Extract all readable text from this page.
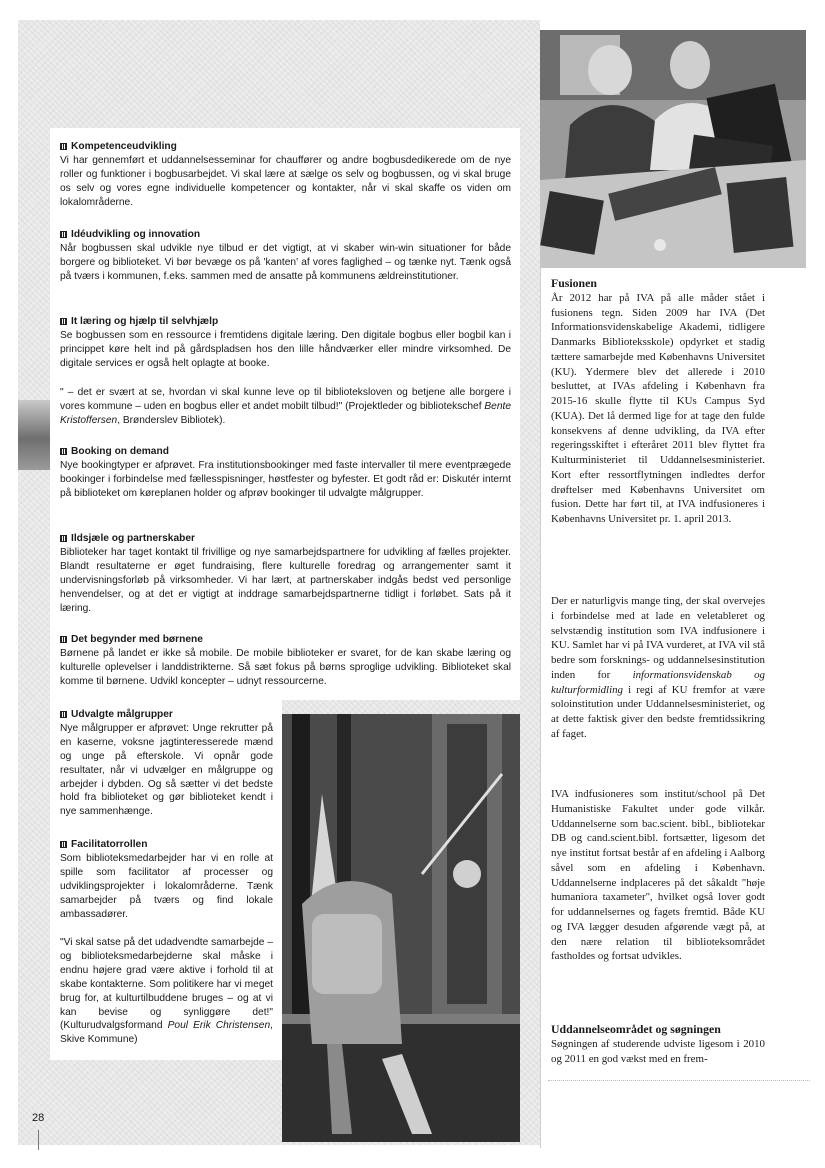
Kompetenceudvikling

Vi har gennemført et uddannelsesseminar for chauffører og andre bogbusdedikerede om de nye roller og funktioner i bogbusarbejdet. Vi skal lære at sælge os selv og bogbussen, og vi skal bruge os selv og vores egne individuelle kompetencer og kontakter, når vi skal skaffe os viden om lokalområderne.

Idéudvikling og innovation

Når bogbussen skal udvikle nye tilbud er det vigtigt, at vi skaber win-win situationer for både borgere og biblioteket. Vi bør bevæge os på 'kanten' af vores faglighed – og tænke nyt. Tænk også på tværs i kommunen, f.eks. sammen med de ansatte på kommunens ældreinstitutioner.

It læring og hjælp til selvhjælp

Se bogbussen som en ressource i fremtidens digitale læring. Den digitale bogbus eller bogbil kan i princippet køre helt ind på gårdspladsen hos den lille håndværker eller mindre virksomhed. De digitale services er også helt oplagte at booke.

" – det er svært at se, hvordan vi skal kunne leve op til biblioteksloven og betjene alle borgere i vores kommune – uden en bogbus eller et andet mobilt tilbud!" (Projektleder og bibliotekschef Bente Kristoffersen, Brønderslev Bibliotek).
Booking on demand

Nye bookingtyper er afprøvet. Fra institutionsbookinger med faste intervaller til mere eventprægede bookinger i forbindelse med fællesspisninger, høstfester og byfester. Et godt råd er: Diskutér internt på biblioteket om køreplanen holder og afprøv bookinger til udvalgte målgrupper.

Ildsjæle og partnerskaber

Biblioteker har taget kontakt til frivillige og nye samarbejdspartnere for udvikling af fælles projekter. Blandt resultaterne er øget fundraising, flere kulturelle foredrag og arrangementer samt it undervisningsforløb på virksomheder. Vi har lært, at partnerskaber indgås bedst ved personlige henvendelser, og at det er vigtigt at inddrage samarbejdspartnerne tidligt i forløbet. Sats på it læring.

Det begynder med børnene

Børnene på landet er ikke så mobile. De mobile biblioteker er svaret, for de kan skabe læring og kulturelle oplevelser i landdistrikterne. Så sæt fokus på børns sproglige udvikling. Biblioteket skal komme til børnene. Udvikl koncepter – udnyt ressourcerne.

Udvalgte målgrupper

Nye målgrupper er afprøvet: Unge rekrutter på en kaserne, voksne jagtinteresserede mænd og unge på efterskole. Vi opnår gode resultater, når vi udvælger en målgruppe og arbejder i dybden. Og så sætter vi det bedste hold fra biblioteket og gør biblioteket kendt i nye sammenhænge.

Facilitatorrollen

Som biblioteksmedarbejder har vi en rolle at spille som facilitator af processer og udviklingsprojekter i lokalområderne. Tænk samarbejder på tværs og find lokale ambassadører.

"Vi skal satse på det udadvendte samarbejde – og biblioteksmedarbejderne skal måske i endnu højere grad være aktive i forhold til at skabe kontakterne. Som politikere har vi meget brug for, at kulturtilbuddene bruges – og at vi kan bevise og synliggøre det!" (Kulturudvalgsformand Poul Erik Christensen, Skive Kommune)
Fusionen

År 2012 har på IVA på alle måder stået i fusionens tegn. Siden 2009 har IVA (Det Informationsvidenskabelige Akademi, tidligere Danmarks Biblioteksskole) opdyrket et stadig tættere samarbejde med Københavns Universitet (KU). Ydermere blev det allerede i 2010 besluttet, at IVAs afdeling i København fra 2015-16 skulle flytte til KUs Campus Syd (KUA). Det lå dermed lige for at tage den fulde konsekvens af denne udvikling, da IVA efter regeringsskiftet i efteråret 2011 blev flyttet fra Kulturministeriet til Uddannelsesministeriet. Kort efter ressortflytningen indledtes derfor drøftelser med Københavns Universitet om fusion. Dette har ført til, at IVA indfusioneres i Københavns Universitet pr. 1. april 2013.

Der er naturligvis mange ting, der skal overvejes i forbindelse med at lade en veletableret og selvstændig institution som IVA indfusionere i KU. Samlet har vi på IVA vurderet, at IVA vil stå bedre som forsknings- og uddannelsesinstitution inden for informationsvidenskab og kulturformidling i regi af KU fremfor at være soloinstitution under Uddannelsesministeriet, og at dette faktisk giver den bedste fremtidssikring af faget.

IVA indfusioneres som institut/school på Det Humanistiske Fakultet under gode vilkår. Uddannelserne som bac.scient. bibl., bibliotekar DB og cand.scient.bibl. fortsætter, ligesom det nye institut fortsat består af en afdeling i Aalborg såvel som en afdeling i København. Uddannelserne indplaceres på det såkaldt "høje humaniora taxameter", hvilket også lover godt for uddannelsernes og fagets fremtid. Både KU og IVA lægger desuden afgørende vægt på, at den nære relation til biblioteksområdet fastholdes og fortsat udvikles.

Uddannelseområdet og søgningen

Søgningen af studerende udviste ligesom i 2010 og 2011 en god vækst med en frem-

28
